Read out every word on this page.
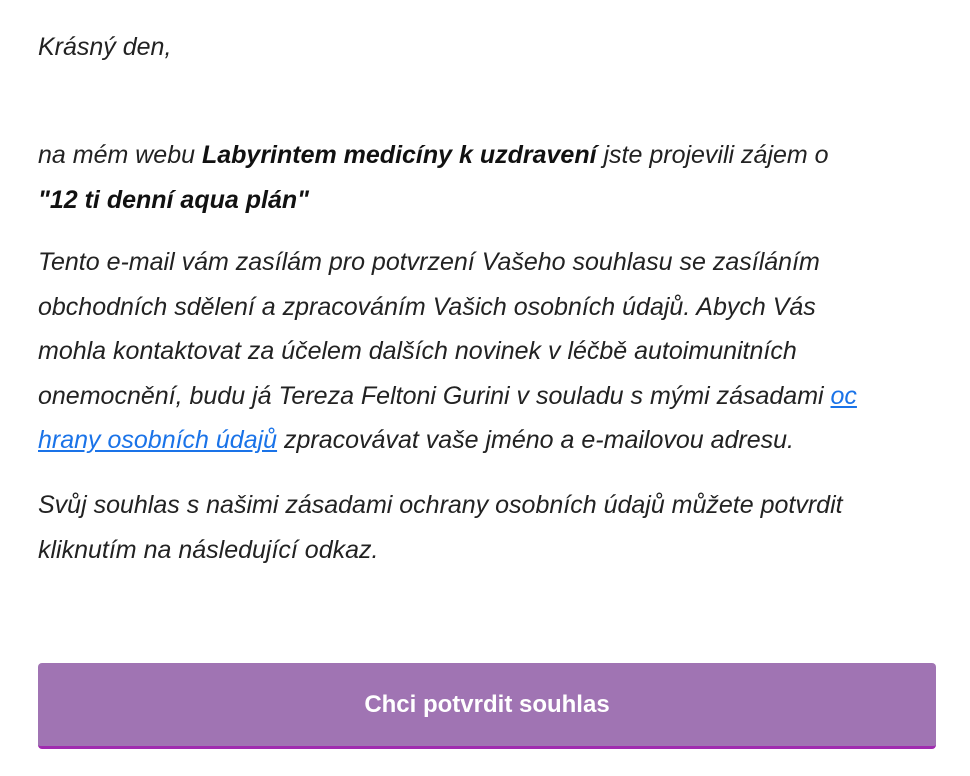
Krásný den,

na mém webu Labyrintem medicíny k uzdravení jste projevili zájem o
"12 ti denní aqua plán"

Tento e-mail vám zasílám pro potvrzení Vašeho souhlasu se zasíláním
obchodních sdělení a zpracováním Vašich osobních údajů. Abych Vás
mohla kontaktovat za účelem dalších novinek v léčbě autoimunitních
onemocnění, budu já Tereza Feltoni Gurini v souladu s mými zásadami oc
hrany osobních údajů zpracovávat vaše jméno a e-mailovou adresu.

Svůj souhlas s našimi zásadami ochrany osobních údajů můžete potvrdit
kliknutím na následující odkaz.

Chci potvrdit souhlas
